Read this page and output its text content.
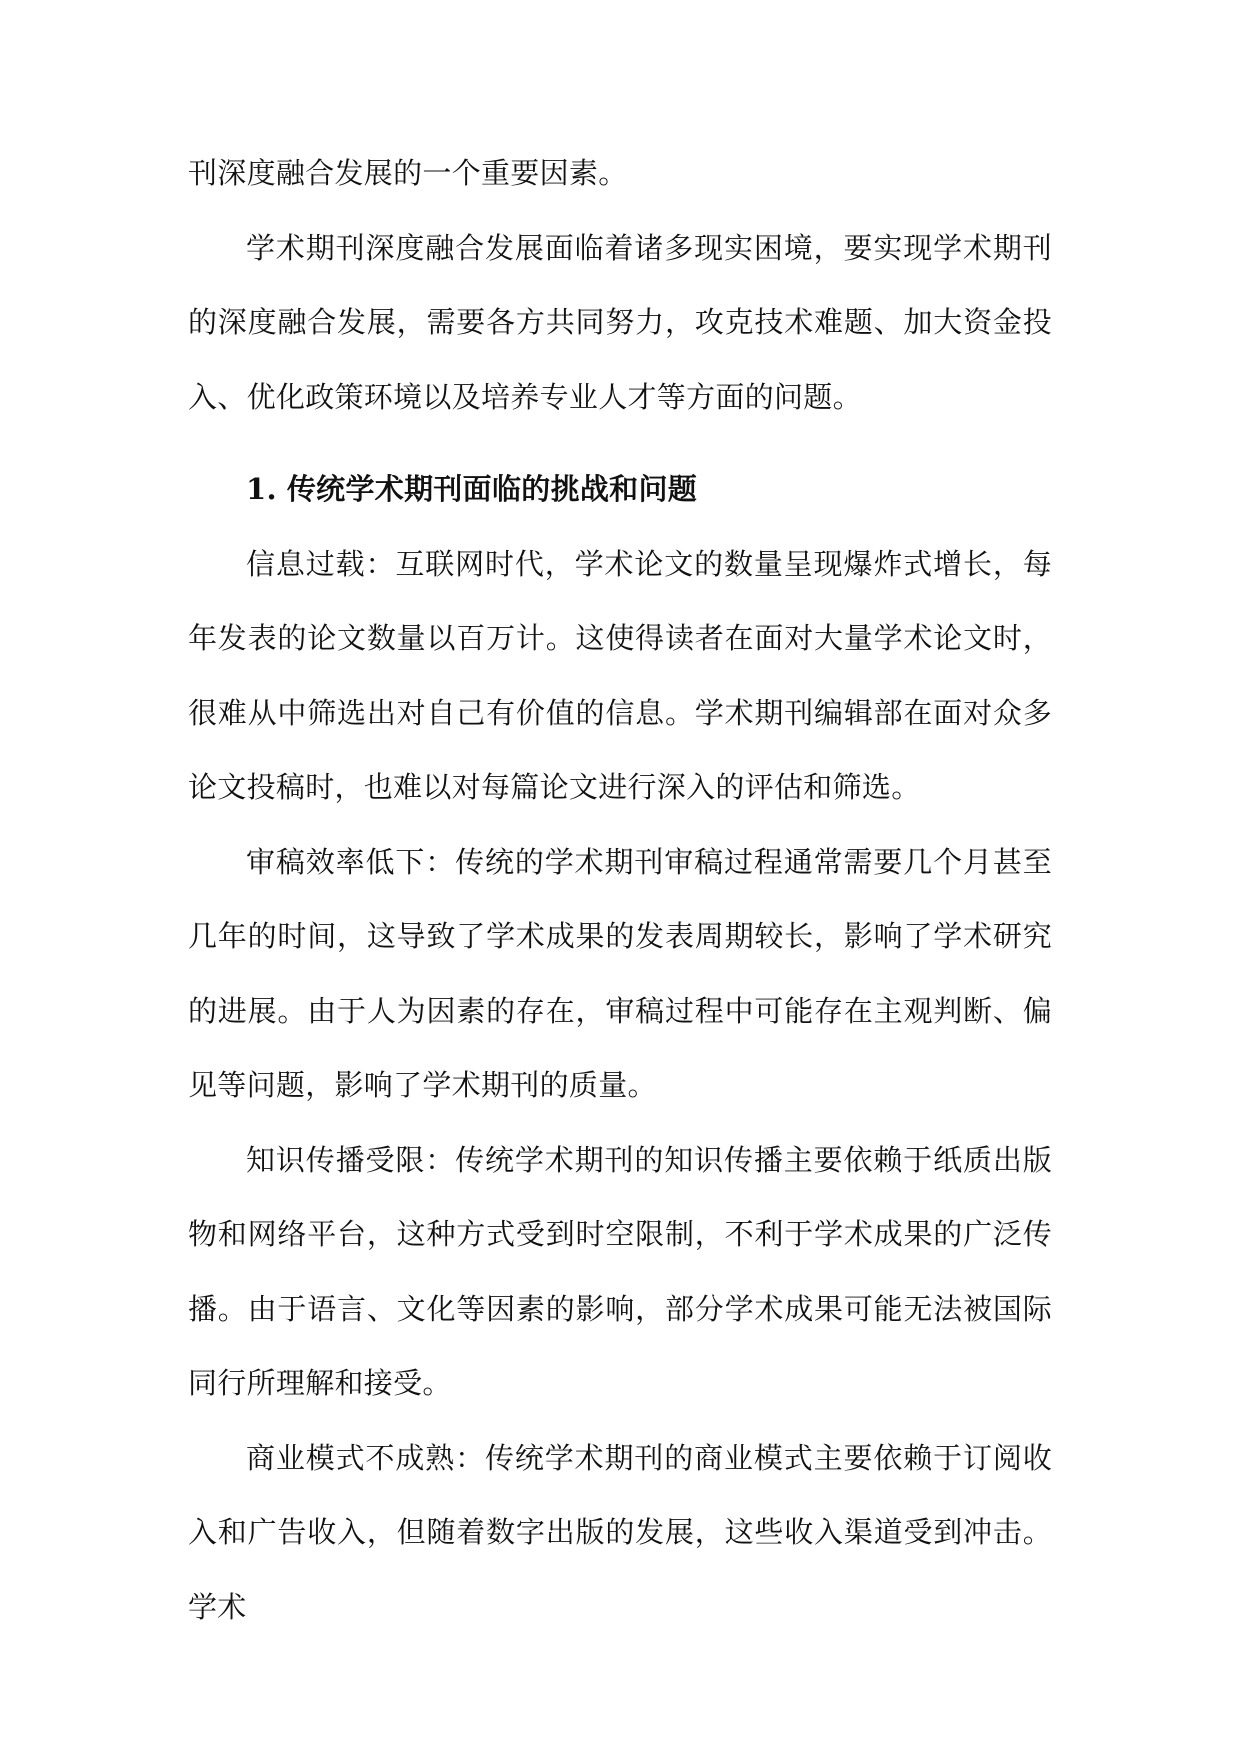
刊深度融合发展的一个重要因素。

学术期刊深度融合发展面临着诸多现实困境，要实现学术期刊的深度融合发展，需要各方共同努力，攻克技术难题、加大资金投入、优化政策环境以及培养专业人才等方面的问题。

1. 传统学术期刊面临的挑战和问题

信息过载：互联网时代，学术论文的数量呈现爆炸式增长，每年发表的论文数量以百万计。这使得读者在面对大量学术论文时，很难从中筛选出对自己有价值的信息。学术期刊编辑部在面对众多论文投稿时，也难以对每篇论文进行深入的评估和筛选。

审稿效率低下：传统的学术期刊审稿过程通常需要几个月甚至几年的时间，这导致了学术成果的发表周期较长，影响了学术研究的进展。由于人为因素的存在，审稿过程中可能存在主观判断、偏见等问题，影响了学术期刊的质量。

知识传播受限：传统学术期刊的知识传播主要依赖于纸质出版物和网络平台，这种方式受到时空限制，不利于学术成果的广泛传播。由于语言、文化等因素的影响，部分学术成果可能无法被国际同行所理解和接受。

商业模式不成熟：传统学术期刊的商业模式主要依赖于订阅收入和广告收入，但随着数字出版的发展，这些收入渠道受到冲击。学术
